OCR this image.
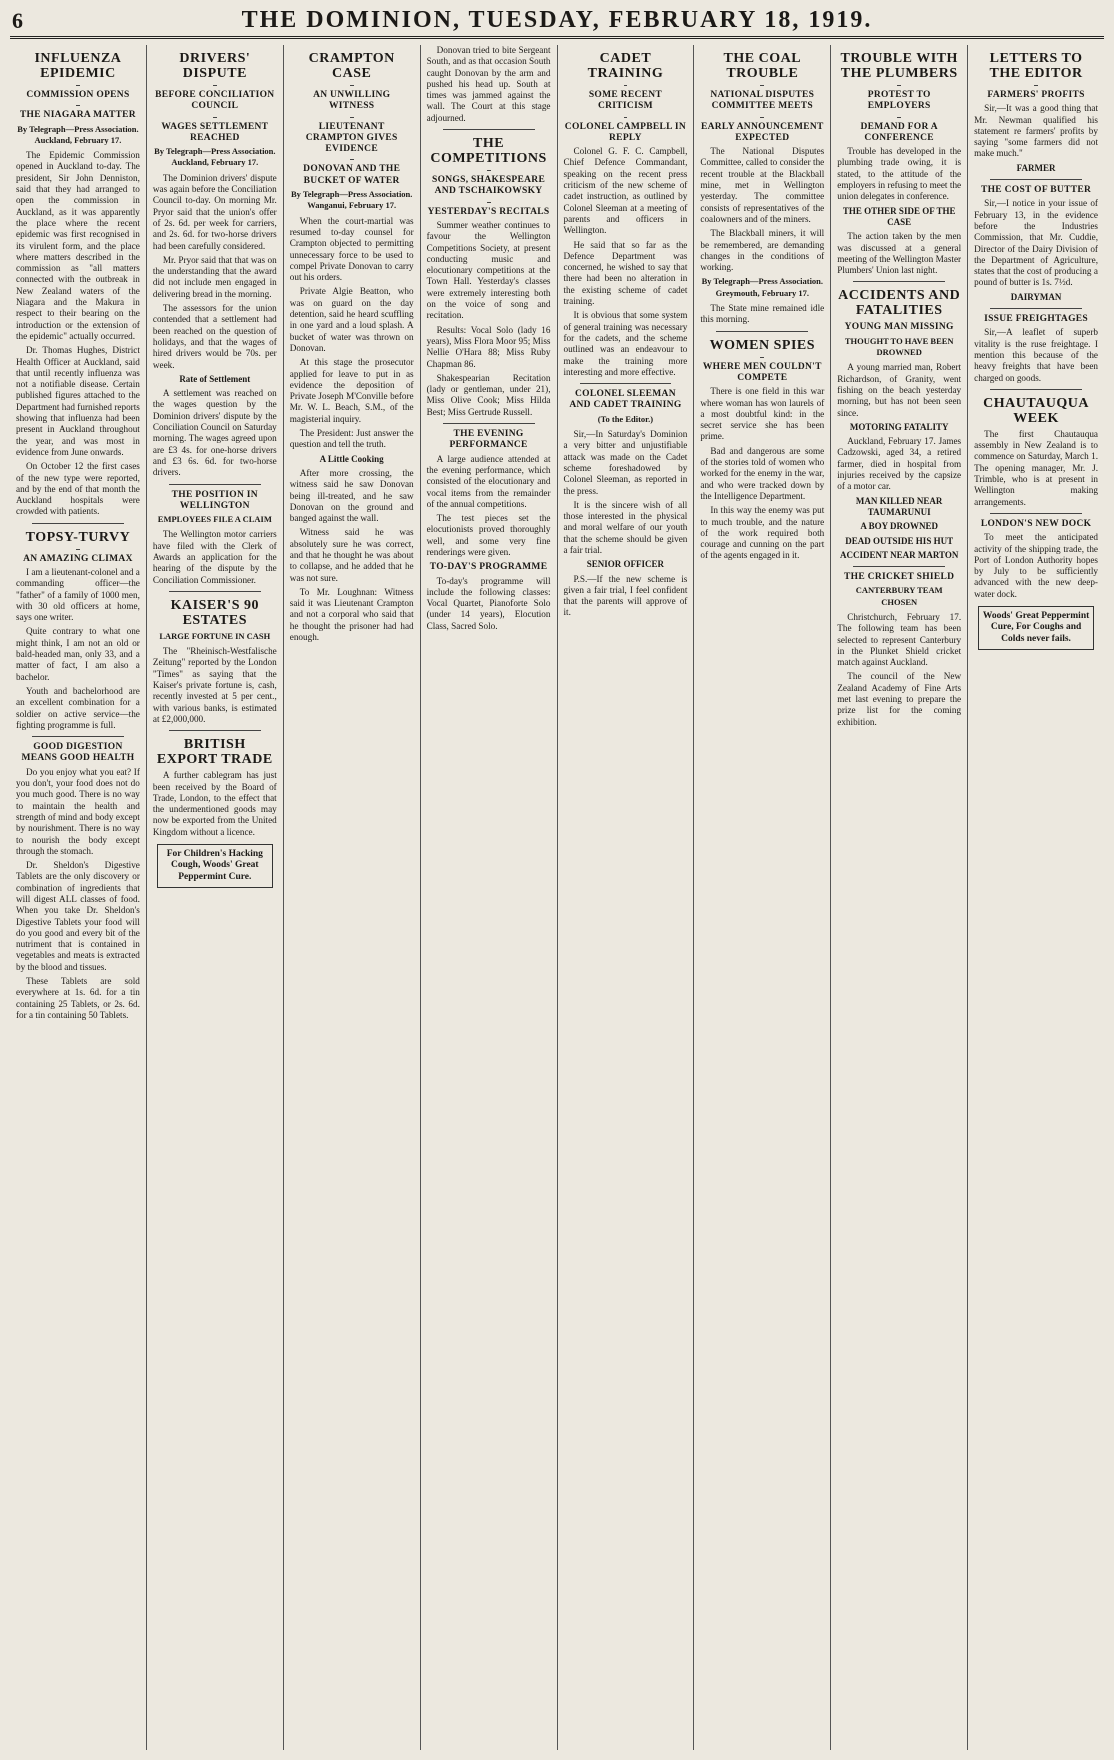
6	THE DOMINION, TUESDAY, FEBRUARY 18, 1919.
INFLUENZA EPIDEMIC
COMMISSION OPENS
THE NIAGARA MATTER
By Telegraph—Press Association. Auckland, February 17.

The Epidemic Commission opened in Auckland to-day. The president, Sir John Denniston, said that they had arranged to open the commission in Auckland, as it was apparently the place where the recent epidemic was first recognised in its virulent form, and the place where matters described in the commission as "all matters connected with the outbreak in New Zealand waters of the Niagara and the Makura in respect to their bearing on the introduction or the extension of the epidemic" actually occurred.

Dr. Thomas Hughes, District Health Officer at Auckland, said that until recently influenza was not a notifiable disease. Certain published figures attached to the Department had furnished reports showing that influenza had been present in Auckland throughout the year, and was most in evidence from June onwards.

On October 12 the first cases of the new type were reported, and by the end of that month the Auckland hospitals were crowded with patients.

TOPSY-TURVY
AN AMAZING CLIMAX

I am a lieutenant-colonel and a commanding officer—the "father" of a family of 1000 men, with 30 old officers at home, says one writer.

Quite contrary to what one might think, I am not an old or bald-headed man, only 33, and a matter of fact, I am also a bachelor.

Youth and bachelorhood are an excellent combination for a soldier on active service—the fighting programme is full.

GOOD DIGESTION MEANS GOOD HEALTH

Do you enjoy what you eat? If you don't, your food does not do you much good. There is no way to maintain the health and strength of mind and body except by nourishment. There is no way to nourish the body except through the stomach.

Dr. Sheldon's Digestive Tablets are the only discovery or combination of ingredients that will digest ALL classes of food. When you take Dr. Sheldon's Digestive Tablets your food will do you good and every bit of the nutriment that is contained in vegetables and meats is extracted by the blood and tissues.

These Tablets are sold everywhere at 1s. 6d. for a tin containing 25 Tablets, or 2s. 6d. for a tin containing 50 Tablets.

DRIVERS' DISPUTE
BEFORE CONCILIATION COUNCIL
WAGES SETTLEMENT REACHED
By Telegraph—Press Association. Auckland, February 17.

The Dominion drivers' dispute was again before the Conciliation Council to-day. On morning Mr. Pryor said that the union's offer of 2s. 6d. per week for carriers, and 2s. 6d. for two-horse drivers had been carefully considered.

Mr. Pryor said that that was on the understanding that the award did not include men engaged in delivering bread in the morning.

The assessors for the union contended that a settlement had been reached on the question of holidays, and that the wages of hired drivers would be 70s. per week.

Rate of Settlement

A settlement was reached on the wages question by the Dominion drivers' dispute by the Conciliation Council on Saturday morning. The wages agreed upon are £3 4s. for one-horse drivers and £3 6s. 6d. for two-horse drivers.

THE POSITION IN WELLINGTON
EMPLOYEES FILE A CLAIM

The Wellington motor carriers have filed with the Clerk of Awards an application for the hearing of the dispute by the Conciliation Commissioner.

KAISER'S 90 ESTATES
LARGE FORTUNE IN CASH

The "Rheinisch-Westfalische Zeitung" reported by the London "Times" as saying that the Kaiser's private fortune is, cash, recently invested at 5 per cent., with various banks, is estimated at £2,000,000.

BRITISH EXPORT TRADE

A further cablegram has just been received by the Board of Trade, London, to the effect that the undermentioned goods may now be exported from the United Kingdom without a licence.

For Children's Hacking Cough, Woods' Great Peppermint Cure.
CRAMPTON CASE
AN UNWILLING WITNESS
LIEUTENANT CRAMPTON GIVES EVIDENCE
DONOVAN AND THE BUCKET OF WATER
By Telegraph—Press Association. Wanganui, February 17.

When the court-martial was resumed to-day counsel for Crampton objected to permitting unnecessary force to be used to compel Private Donovan to carry out his orders.

Private Algie Beatton, who was on guard on the day detention, said he heard scuffling in one yard and a loud splash. A bucket of water was thrown on Donovan.

At this stage the prosecutor applied for leave to put in as evidence the deposition of Private Joseph M'Conville before Mr. W. L. Beach, S.M., of the magisterial inquiry.

The President: Just answer the question and tell the truth.

A Little Cooking

After more crossing, the witness said he saw Donovan being ill-treated, and he saw Donovan on the ground and banged against the wall.

Witness said he was absolutely sure he was correct, and that he thought he was about to collapse, and he added that he was not sure.

To Mr. Loughnan: Witness said it was Lieutenant Crampton and not a corporal who said that he thought the prisoner had had enough.

Donovan tried to bite Sergeant South, and as that occasion South caught Donovan by the arm and pushed his head up. South at times was jammed against the wall. The Court at this stage adjourned.

THE COMPETITIONS
SONGS, SHAKESPEARE AND TSCHAIKOWSKY
YESTERDAY'S RECITALS

Summer weather continues to favour the Wellington Competitions Society, at present conducting music and elocutionary competitions at the Town Hall. Yesterday's classes were extremely interesting both on the voice of song and recitation.

Results: Vocal Solo (lady 16 years), Miss Flora Moor 95; Miss Nellie O'Hara 88; Miss Ruby Chapman 86.

Shakespearian Recitation (lady or gentleman, under 21), Miss Olive Cook; Miss Hilda Best; Miss Gertrude Russell.

THE EVENING PERFORMANCE

A large audience attended at the evening performance, which consisted of the elocutionary and vocal items from the remainder of the annual competitions.

The test pieces set the elocutionists proved thoroughly well, and some very fine renderings were given.

TO-DAY'S PROGRAMME

To-day's programme will include the following classes: Vocal Quartet, Pianoforte Solo (under 14 years), Elocution Class, Sacred Solo.

CADET TRAINING
SOME RECENT CRITICISM
COLONEL CAMPBELL IN REPLY

Colonel G. F. C. Campbell, Chief Defence Commandant, speaking on the recent press criticism of the new scheme of cadet instruction, as outlined by Colonel Sleeman at a meeting of parents and officers in Wellington.

He said that so far as the Defence Department was concerned, he wished to say that there had been no alteration in the existing scheme of cadet training.

It is obvious that some system of general training was necessary for the cadets, and the scheme outlined was an endeavour to make the training more interesting and more effective.

COLONEL SLEEMAN AND CADET TRAINING
(To the Editor.)

Sir,—In Saturday's Dominion a very bitter and unjustifiable attack was made on the Cadet scheme foreshadowed by Colonel Sleeman, as reported in the press.

It is the sincere wish of all those interested in the physical and moral welfare of our youth that the scheme should be given a fair trial.

SENIOR OFFICER

P.S.—If the new scheme is given a fair trial, I feel confident that the parents will approve of it.

THE COAL TROUBLE
NATIONAL DISPUTES COMMITTEE MEETS
EARLY ANNOUNCEMENT EXPECTED

The National Disputes Committee, called to consider the recent trouble at the Blackball mine, met in Wellington yesterday. The committee consists of representatives of the coalowners and of the miners.

The Blackball miners, it will be remembered, are demanding changes in the conditions of working.

By Telegraph—Press Association. Greymouth, February 17.

The State mine remained idle this morning.

WOMEN SPIES
WHERE MEN COULDN'T COMPETE

There is one field in this war where woman has won laurels of a most doubtful kind: in the secret service she has been prime.

Bad and dangerous are some of the stories told of women who worked for the enemy in the war, and who were tracked down by the Intelligence Department.

In this way the enemy was put to much trouble, and the nature of the work required both courage and cunning on the part of the agents engaged in it.

TROUBLE WITH THE PLUMBERS
PROTEST TO EMPLOYERS
DEMAND FOR A CONFERENCE

Trouble has developed in the plumbing trade owing, it is stated, to the attitude of the employers in refusing to meet the union delegates in conference.

THE OTHER SIDE OF THE CASE

The action taken by the men was discussed at a general meeting of the Wellington Master Plumbers' Union last night.

ACCIDENTS AND FATALITIES
YOUNG MAN MISSING
THOUGHT TO HAVE BEEN DROWNED

A young married man, Robert Richardson, of Granity, went fishing on the beach yesterday morning, but has not been seen since.

MOTORING FATALITY

Auckland, February 17. James Cadzowski, aged 34, a retired farmer, died in hospital from injuries received by the capsize of a motor car.

MAN KILLED NEAR TAUMARUNUI
A BOY DROWNED
DEAD OUTSIDE HIS HUT
ACCIDENT NEAR MARTON
THE CRICKET SHIELD
CANTERBURY TEAM CHOSEN

Christchurch, February 17. The following team has been selected to represent Canterbury in the Plunket Shield cricket match against Auckland.

The council of the New Zealand Academy of Fine Arts met last evening to prepare the prize list for the coming exhibition.

LETTERS TO THE EDITOR
FARMERS' PROFITS

Sir,—It was a good thing that Mr. Newman qualified his statement re farmers' profits by saying "some farmers did not make much."

FARMER
THE COST OF BUTTER

Sir,—I notice in your issue of February 13, in the evidence before the Industries Commission, that Mr. Cuddie, Director of the Dairy Division of the Department of Agriculture, states that the cost of producing a pound of butter is 1s. 7½d.

DAIRYMAN
ISSUE FREIGHTAGES

Sir,—A leaflet of superb vitality is the ruse freightage. I mention this because of the heavy freights that have been charged on goods.

CHAUTAUQUA WEEK

The first Chautauqua assembly in New Zealand is to commence on Saturday, March 1. The opening manager, Mr. J. Trimble, who is at present in Wellington making arrangements.

LONDON'S NEW DOCK

To meet the anticipated activity of the shipping trade, the Port of London Authority hopes by July to be sufficiently advanced with the new deep-water dock.

Woods' Great Peppermint Cure, For Coughs and Colds never fails.
